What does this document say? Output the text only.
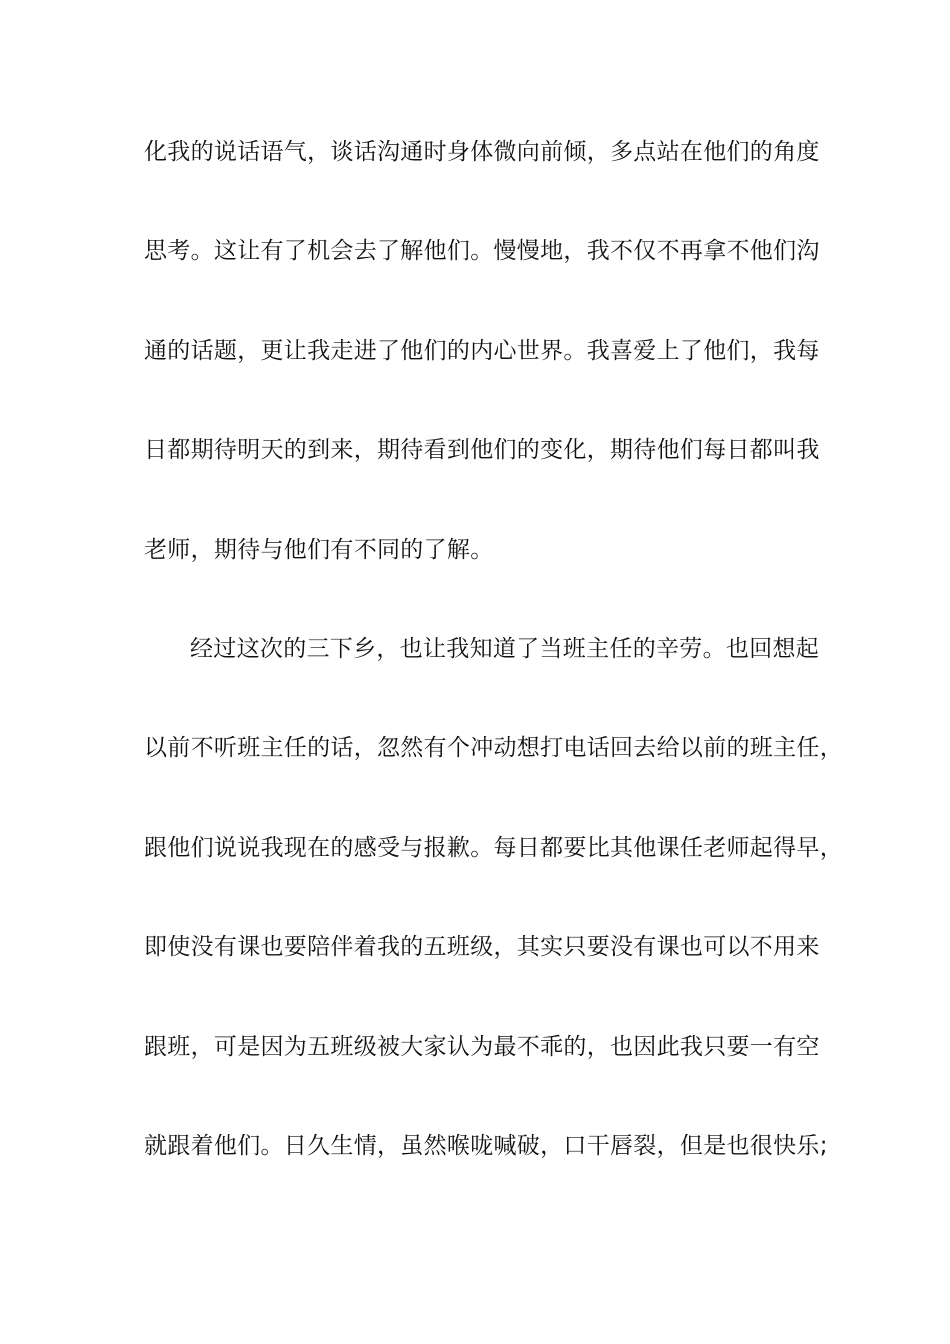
化我的说话语气，谈话沟通时身体微向前倾，多点站在他们的角度
思考。这让有了机会去了解他们。慢慢地，我不仅不再拿不他们沟
通的话题，更让我走进了他们的内心世界。我喜爱上了他们，我每
日都期待明天的到来，期待看到他们的变化，期待他们每日都叫我
老师，期待与他们有不同的了解。
经过这次的三下乡，也让我知道了当班主任的辛劳。也回想起
以前不听班主任的话，忽然有个冲动想打电话回去给以前的班主任，
跟他们说说我现在的感受与报歉。每日都要比其他课任老师起得早，
即使没有课也要陪伴着我的五班级，其实只要没有课也可以不用来
跟班，可是因为五班级被大家认为最不乖的，也因此我只要一有空
就跟着他们。日久生情，虽然喉咙喊破，口干唇裂，但是也很快乐;
